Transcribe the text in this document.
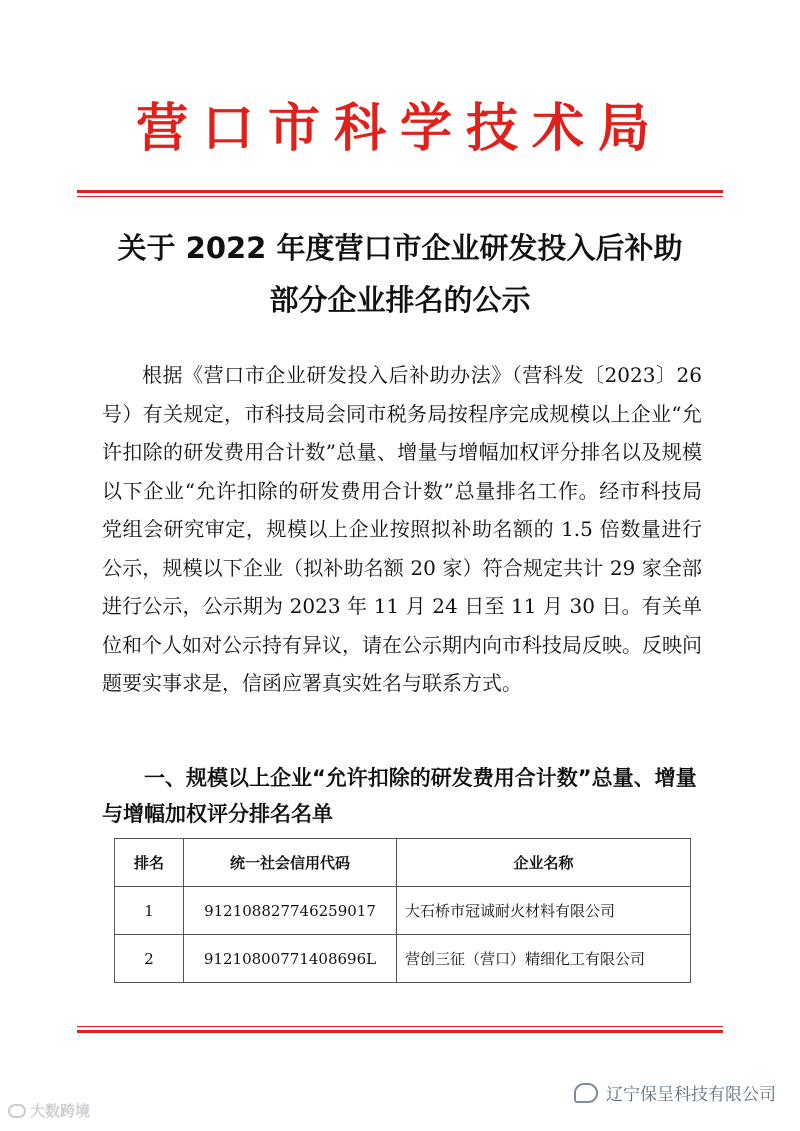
营口市科学技术局
关于 2022 年度营口市企业研发投入后补助
部分企业排名的公示

根据《营口市企业研发投入后补助办法》（营科发〔2023〕26 号）有关规定，市科技局会同市税务局按程序完成规模以上企业“允许扣除的研发费用合计数”总量、增量与增幅加权评分排名以及规模以下企业“允许扣除的研发费用合计数”总量排名工作。经市科技局党组会研究审定，规模以上企业按照拟补助名额的 1.5 倍数量进行公示，规模以下企业（拟补助名额 20 家）符合规定共计 29 家全部进行公示，公示期为 2023 年 11 月 24 日至 11 月 30 日。有关单位和个人如对公示持有异议，请在公示期内向市科技局反映。反映问题要实事求是，信函应署真实姓名与联系方式。

一、规模以上企业“允许扣除的研发费用合计数”总量、增量与增幅加权评分排名名单
排名	统一社会信用代码	企业名称
1	912108827746259017	大石桥市冠诚耐火材料有限公司
2	91210800771408696L	营创三征（营口）精细化工有限公司
辽宁保呈科技有限公司
大数跨境
